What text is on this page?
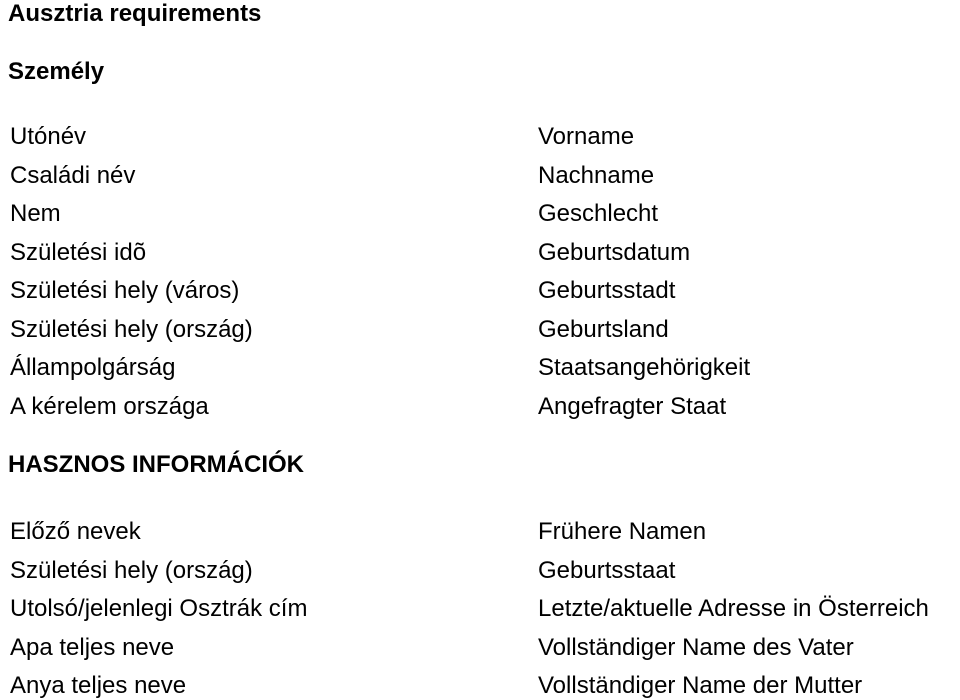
Ausztria requirements
Személy
Utónév	Vorname
Családi név	Nachname
Nem	Geschlecht
Születési idõ	Geburtsdatum
Születési hely (város)	Geburtsstadt
Születési hely (ország)	Geburtsland
Állampolgárság	Staatsangehörigkeit
A kérelem országa	Angefragter Staat
HASZNOS INFORMÁCIÓK
Előző nevek	Frühere Namen
Születési hely (ország)	Geburtsstaat
Utolsó/jelenlegi Osztrák cím	Letzte/aktuelle Adresse in Österreich
Apa teljes neve	Vollständiger Name des Vater
Anya teljes neve	Vollständiger Name der Mutter
